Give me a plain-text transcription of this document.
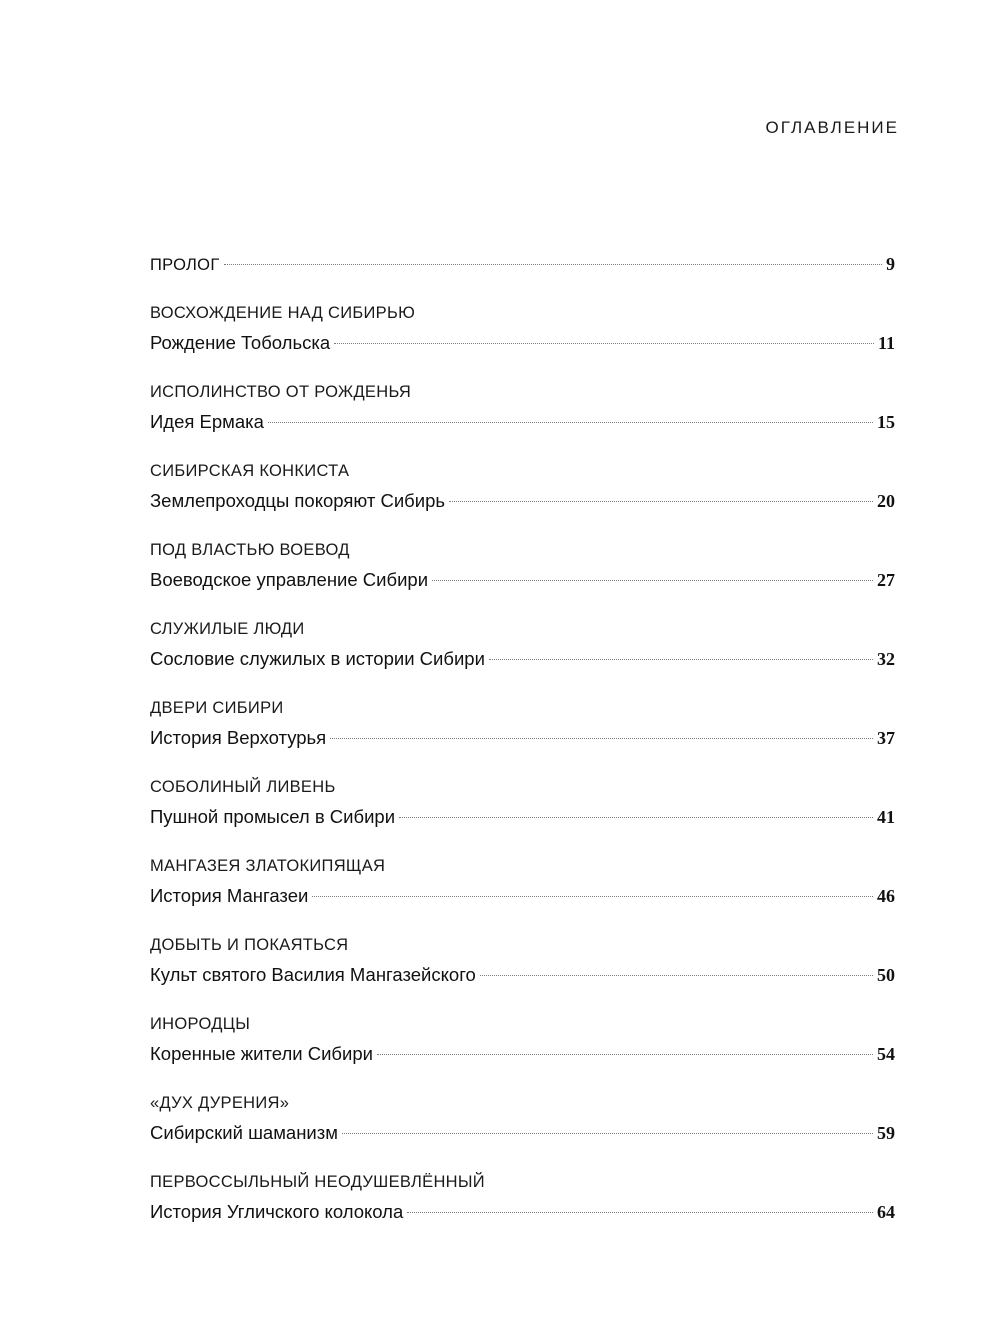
ОГЛАВЛЕНИЕ
ПРОЛОГ	9
ВОСХОЖДЕНИЕ НАД СИБИРЬЮ
Рождение Тобольска	11
ИСПОЛИНСТВО ОТ РОЖДЕНЬЯ
Идея Ермака	15
СИБИРСКАЯ КОНКИСТА
Землепроходцы покоряют Сибирь	20
ПОД ВЛАСТЬЮ ВОЕВОД
Воеводское управление Сибири	27
СЛУЖИЛЫЕ ЛЮДИ
Сословие служилых в истории Сибири	32
ДВЕРИ СИБИРИ
История Верхотурья	37
СОБОЛИНЫЙ ЛИВЕНЬ
Пушной промысел в Сибири	41
МАНГАЗЕЯ ЗЛАТОКИПЯЩАЯ
История Мангазеи	46
ДОБЫТЬ И ПОКАЯТЬСЯ
Культ святого Василия Мангазейского	50
ИНОРОДЦЫ
Коренные жители Сибири	54
«ДУХ ДУРЕНИЯ»
Сибирский шаманизм	59
ПЕРВОССЫЛЬНЫЙ НЕОДУШЕВЛЁННЫЙ
История Угличского колокола	64
